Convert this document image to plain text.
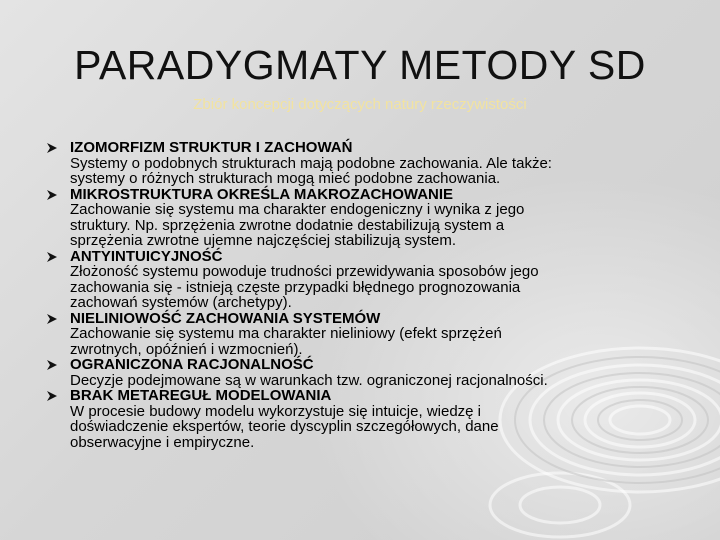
PARADYGMATY METODY SD
Zbiór koncepcji dotyczących natury rzeczywistości
IZOMORFIZM STRUKTUR I ZACHOWAŃ
Systemy o podobnych strukturach mają podobne zachowania. Ale także:
systemy o różnych strukturach mogą mieć podobne zachowania.
MIKROSTRUKTURA OKREŚLA MAKROZACHOWANIE
Zachowanie się systemu ma charakter endogeniczny i wynika z jego
struktury. Np. sprzężenia zwrotne dodatnie destabilizują system a
sprzężenia zwrotne ujemne najczęściej stabilizują system.
ANTYINTUICYJNOŚĆ
Złożoność systemu powoduje trudności przewidywania sposobów jego
zachowania się - istnieją częste przypadki błędnego prognozowania
zachowań systemów (archetypy).
NIELINIOWOŚĆ ZACHOWANIA SYSTEMÓW
Zachowanie się systemu ma charakter nieliniowy (efekt sprzężeń
zwrotnych, opóźnień i wzmocnień).
OGRANICZONA RACJONALNOŚĆ
Decyzje podejmowane są w warunkach tzw. ograniczonej racjonalności.
BRAK METAREGUŁ MODELOWANIA
W procesie budowy modelu wykorzystuje się intuicje, wiedzę i
doświadczenie ekspertów, teorie dyscyplin szczegółowych, dane
obserwacyjne i empiryczne.
